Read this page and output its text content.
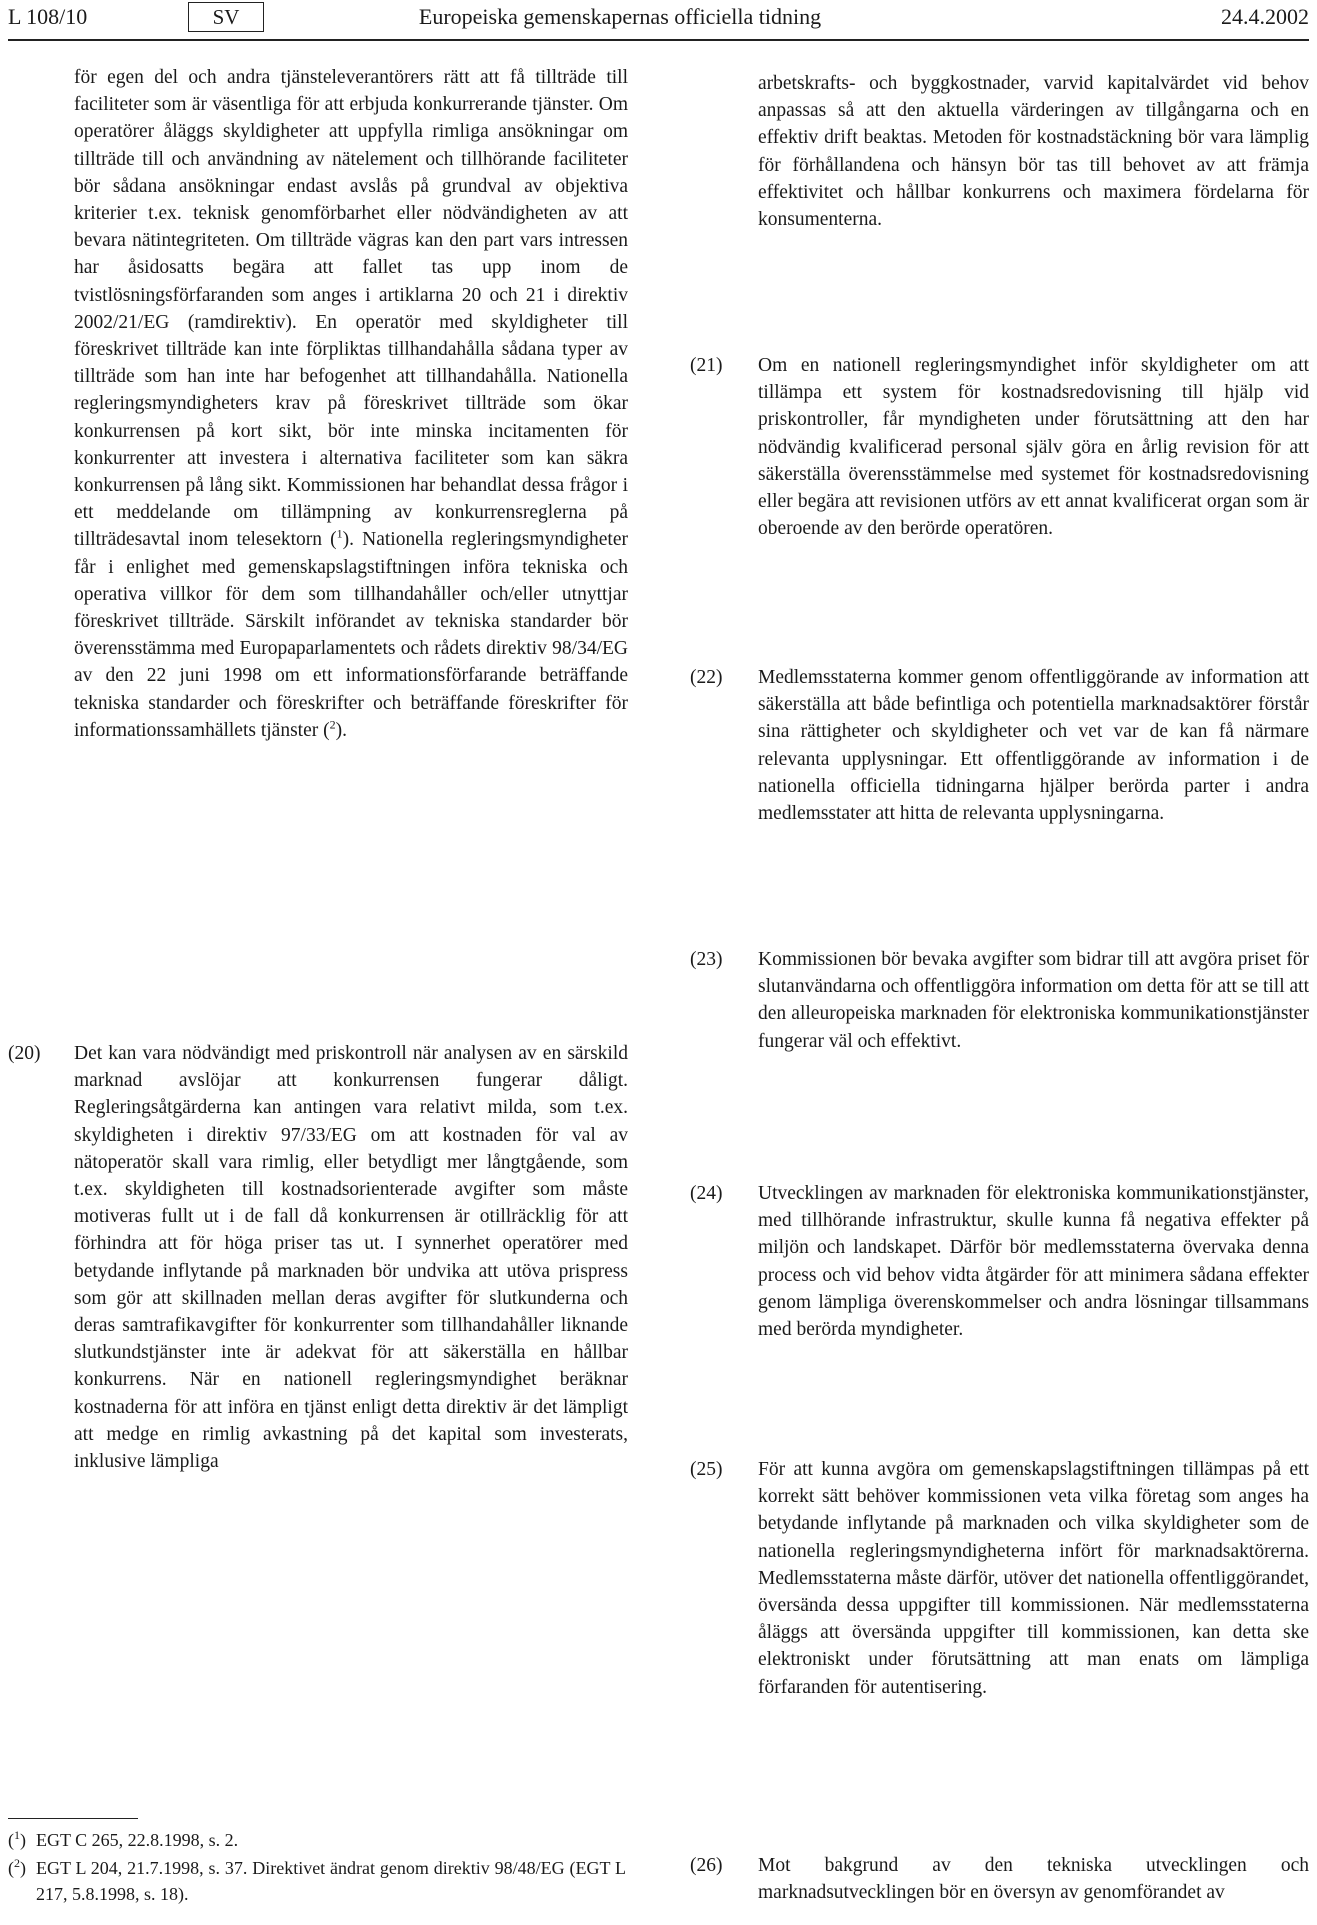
L 108/10	SV	Europeiska gemenskapernas officiella tidning	24.4.2002

för egen del och andra tjänsteleverantörers rätt att få tillträde till faciliteter som är väsentliga för att erbjuda konkurrerande tjänster. Om operatörer åläggs skyldigheter att uppfylla rimliga ansökningar om tillträde till och användning av nätelement och tillhörande faciliteter bör sådana ansökningar endast avslås på grundval av objektiva kriterier t.ex. teknisk genomförbarhet eller nödvändigheten av att bevara nätintegriteten. Om tillträde vägras kan den part vars intressen har åsidosatts begära att fallet tas upp inom de tvistlösningsförfaranden som anges i artiklarna 20 och 21 i direktiv 2002/21/EG (ramdirektiv). En operatör med skyldigheter till föreskrivet tillträde kan inte förpliktas tillhandahålla sådana typer av tillträde som han inte har befogenhet att tillhandahålla. Nationella regleringsmyndigheters krav på föreskrivet tillträde som ökar konkurrensen på kort sikt, bör inte minska incitamenten för konkurrenter att investera i alternativa faciliteter som kan säkra konkurrensen på lång sikt. Kommissionen har behandlat dessa frågor i ett meddelande om tillämpning av konkurrensreglerna på tillträdesavtal inom telesektorn ($^1$). Nationella regleringsmyndigheter får i enlighet med gemenskapslagstiftningen införa tekniska och operativa villkor för dem som tillhandahåller och/eller utnyttjar föreskrivet tillträde. Särskilt införandet av tekniska standarder bör överensstämma med Europaparlamentets och rådets direktiv 98/34/EG av den 22 juni 1998 om ett informationsförfarande beträffande tekniska standarder och föreskrifter och beträffande föreskrifter för informationssamhällets tjänster ($^2$).

(20)	Det kan vara nödvändigt med priskontroll när analysen av en särskild marknad avslöjar att konkurrensen fungerar dåligt. Regleringsåtgärderna kan antingen vara relativt milda, som t.ex. skyldigheten i direktiv 97/33/EG om att kostnaden för val av nätoperatör skall vara rimlig, eller betydligt mer långtgående, som t.ex. skyldigheten till kostnadsorienterade avgifter som måste motiveras fullt ut i de fall då konkurrensen är otillräcklig för att förhindra att för höga priser tas ut. I synnerhet operatörer med betydande inflytande på marknaden bör undvika att utöva prispress som gör att skillnaden mellan deras avgifter för slutkunderna och deras samtrafikavgifter för konkurrenter som tillhandahåller liknande slutkundstjänster inte är adekvat för att säkerställa en hållbar konkurrens. När en nationell regleringsmyndighet beräknar kostnaderna för att införa en tjänst enligt detta direktiv är det lämpligt att medge en rimlig avkastning på det kapital som investerats, inklusive lämpliga

arbetskrafts- och byggkostnader, varvid kapitalvärdet vid behov anpassas så att den aktuella värderingen av tillgångarna och en effektiv drift beaktas. Metoden för kostnadstäckning bör vara lämplig för förhållandena och hänsyn bör tas till behovet av att främja effektivitet och hållbar konkurrens och maximera fördelarna för konsumenterna.

(21)	Om en nationell regleringsmyndighet inför skyldigheter om att tillämpa ett system för kostnadsredovisning till hjälp vid priskontroller, får myndigheten under förutsättning att den har nödvändig kvalificerad personal själv göra en årlig revision för att säkerställa överensstämmelse med systemet för kostnadsredovisning eller begära att revisionen utförs av ett annat kvalificerat organ som är oberoende av den berörde operatören.
(22)	Medlemsstaterna kommer genom offentliggörande av information att säkerställa att både befintliga och potentiella marknadsaktörer förstår sina rättigheter och skyldigheter och vet var de kan få närmare relevanta upplysningar. Ett offentliggörande av information i de nationella officiella tidningarna hjälper berörda parter i andra medlemsstater att hitta de relevanta upplysningarna.
(23)	Kommissionen bör bevaka avgifter som bidrar till att avgöra priset för slutanvändarna och offentliggöra information om detta för att se till att den alleuropeiska marknaden för elektroniska kommunikationstjänster fungerar väl och effektivt.
(24)	Utvecklingen av marknaden för elektroniska kommunikationstjänster, med tillhörande infrastruktur, skulle kunna få negativa effekter på miljön och landskapet. Därför bör medlemsstaterna övervaka denna process och vid behov vidta åtgärder för att minimera sådana effekter genom lämpliga överenskommelser och andra lösningar tillsammans med berörda myndigheter.
(25)	För att kunna avgöra om gemenskapslagstiftningen tillämpas på ett korrekt sätt behöver kommissionen veta vilka företag som anges ha betydande inflytande på marknaden och vilka skyldigheter som de nationella regleringsmyndigheterna infört för marknadsaktörerna. Medlemsstaterna måste därför, utöver det nationella offentliggörandet, översända dessa uppgifter till kommissionen. När medlemsstaterna åläggs att översända uppgifter till kommissionen, kan detta ske elektroniskt under förutsättning att man enats om lämpliga förfaranden för autentisering.
(26)	Mot bakgrund av den tekniska utvecklingen och marknadsutvecklingen bör en översyn av genomförandet av
($^1$) EGT C 265, 22.8.1998, s. 2.
($^2$) EGT L 204, 21.7.1998, s. 37. Direktivet ändrat genom direktiv 98/48/EG (EGT L 217, 5.8.1998, s. 18).
